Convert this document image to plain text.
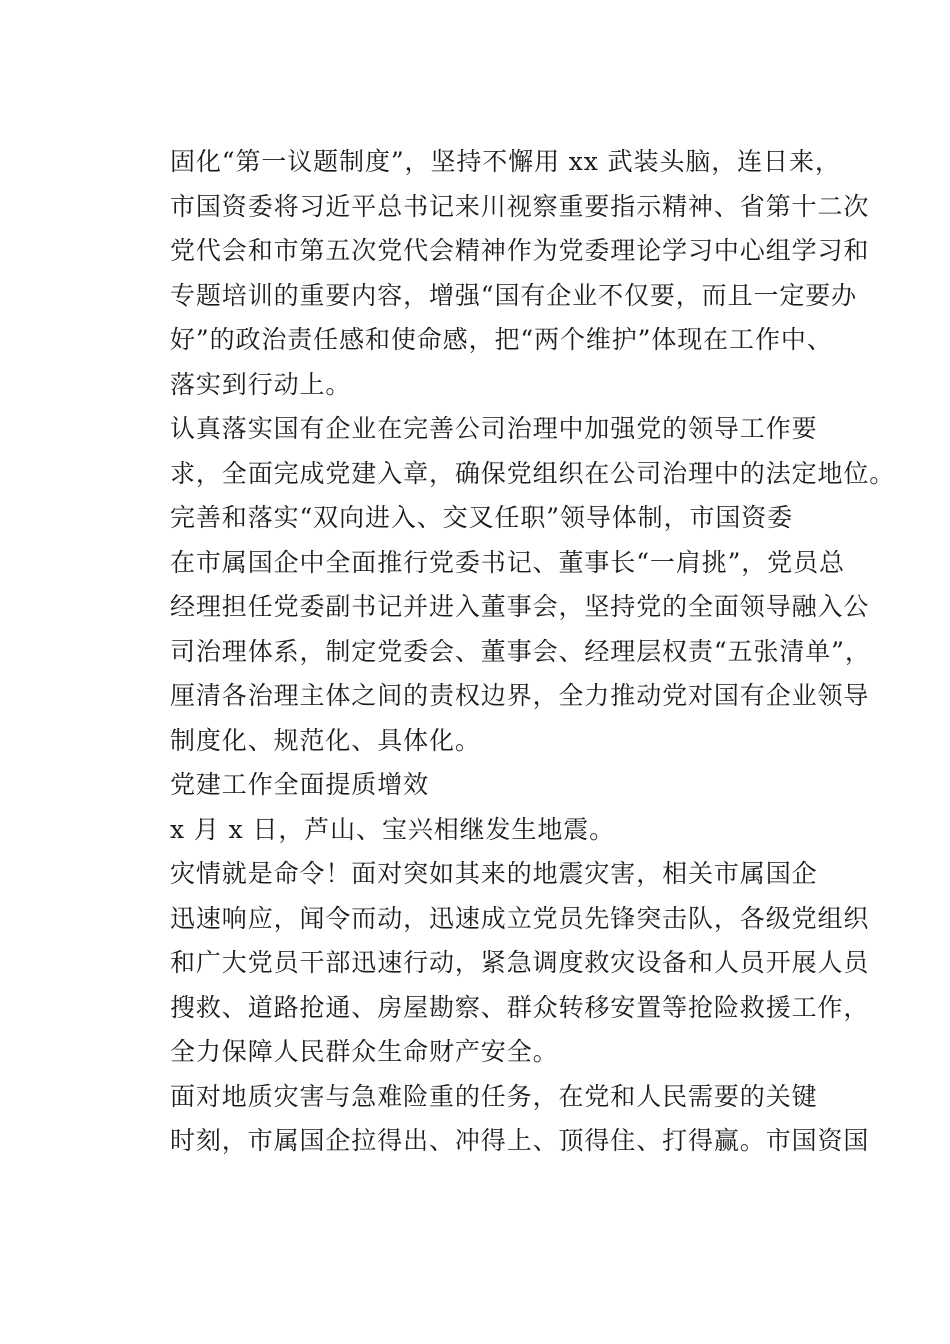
固化“第一议题制度”，坚持不懈用 xx 武装头脑，连日来，
市国资委将习近平总书记来川视察重要指示精神、省第十二次
党代会和市第五次党代会精神作为党委理论学习中心组学习和
专题培训的重要内容，增强“国有企业不仅要，而且一定要办
好”的政治责任感和使命感，把“两个维护”体现在工作中、
落实到行动上。

认真落实国有企业在完善公司治理中加强党的领导工作要
求，全面完成党建入章，确保党组织在公司治理中的法定地位。

完善和落实“双向进入、交叉任职”领导体制，市国资委
在市属国企中全面推行党委书记、董事长“一肩挑”，党员总
经理担任党委副书记并进入董事会，坚持党的全面领导融入公
司治理体系，制定党委会、董事会、经理层权责“五张清单”，
厘清各治理主体之间的责权边界，全力推动党对国有企业领导
制度化、规范化、具体化。

党建工作全面提质增效

x 月 x 日，芦山、宝兴相继发生地震。

灾情就是命令！面对突如其来的地震灾害，相关市属国企
迅速响应，闻令而动，迅速成立党员先锋突击队，各级党组织
和广大党员干部迅速行动，紧急调度救灾设备和人员开展人员
搜救、道路抢通、房屋勘察、群众转移安置等抢险救援工作，
全力保障人民群众生命财产安全。

面对地质灾害与急难险重的任务，在党和人民需要的关键
时刻，市属国企拉得出、冲得上、顶得住、打得赢。市国资国
